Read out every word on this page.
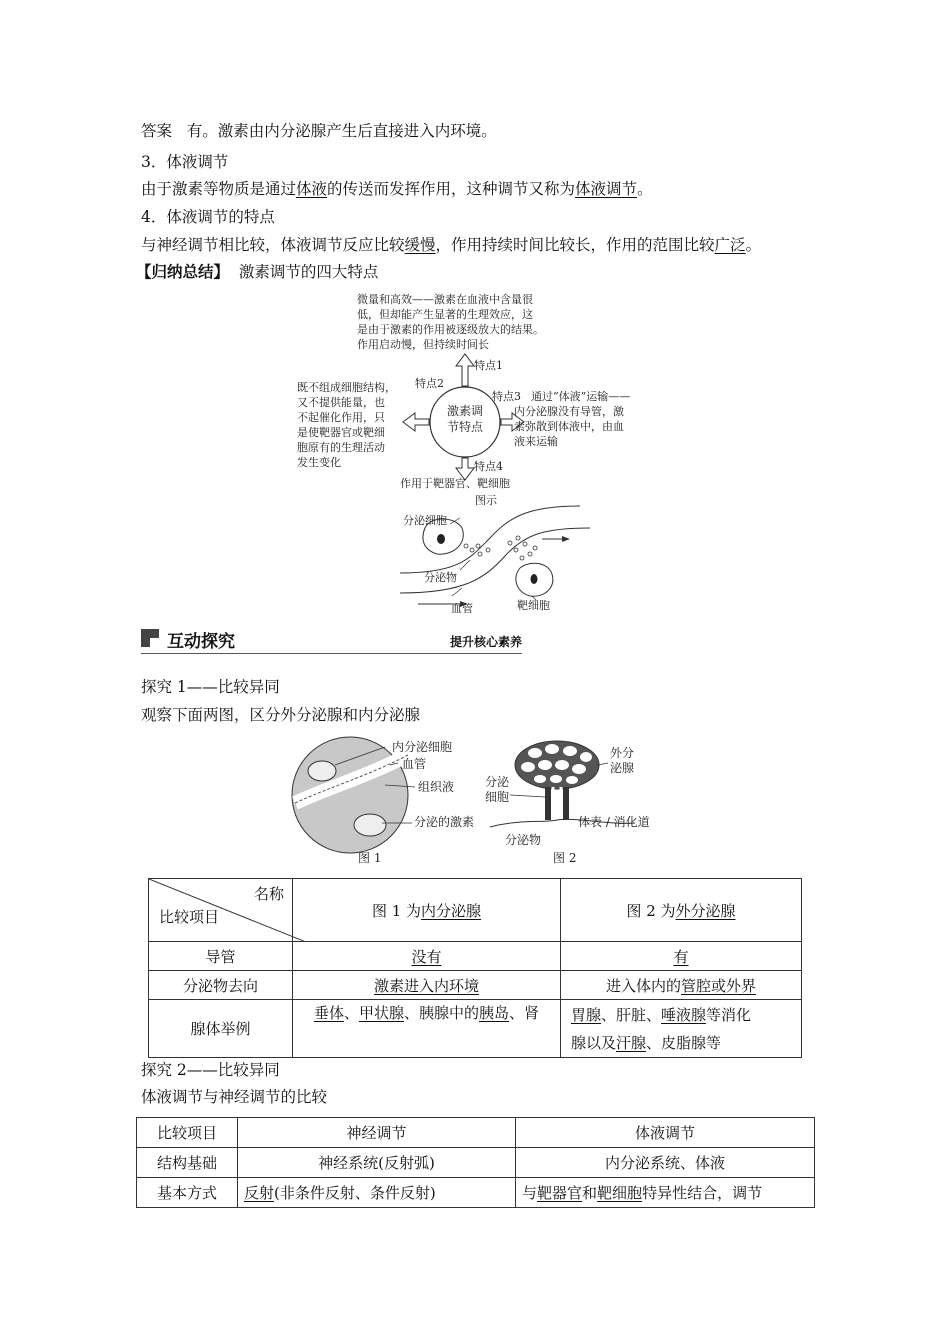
答案 有。激素由内分泌腺产生后直接进入内环境。
3．体液调节
由于激素等物质是通过体液的传送而发挥作用，这种调节又称为体液调节。
4．体液调节的特点
与神经调节相比较，体液调节反应比较缓慢，作用持续时间比较长，作用的范围比较广泛。
【归纳总结】 激素调节的四大特点
微量和高效——激素在血液中含量很
低，但却能产生显著的生理效应，这
是由于激素的作用被逐级放大的结果。
作用启动慢，但持续时间长
特点1
特点2
特点3
特点4
激素调
节特点
既不组成细胞结构，
又不提供能量，也
不起催化作用，只
是使靶器官或靶细
胞原有的生理活动
发生变化
通过“体液”运输——
内分泌腺没有导管，激
素弥散到体液中，由血
液来运输
作用于靶器官、靶细胞
图示
分泌细胞
分泌物
血管	靶细胞
互动探究	提升核心素养
探究 1——比较异同
观察下面两图，区分外分泌腺和内分泌腺
内分泌细胞
血管
组织液
分泌的激素
外分
泌腺
分泌
细胞
体表 / 消化道
分泌物
图 1	图 2
名称
比较项目	图 1 为内分泌腺	图 2 为外分泌腺
导管	没有	有
分泌物去向	激素进入内环境	进入体内的管腔或外界
腺体举例	垂体、甲状腺、胰腺中的胰岛、肾	胃腺、肝脏、唾液腺等消化
腺以及汗腺、皮脂腺等
探究 2——比较异同
体液调节与神经调节的比较
比较项目	神经调节	体液调节
结构基础	神经系统(反射弧)	内分泌系统、体液
基本方式	反射(非条件反射、条件反射)	与靶器官和靶细胞特异性结合，调节
